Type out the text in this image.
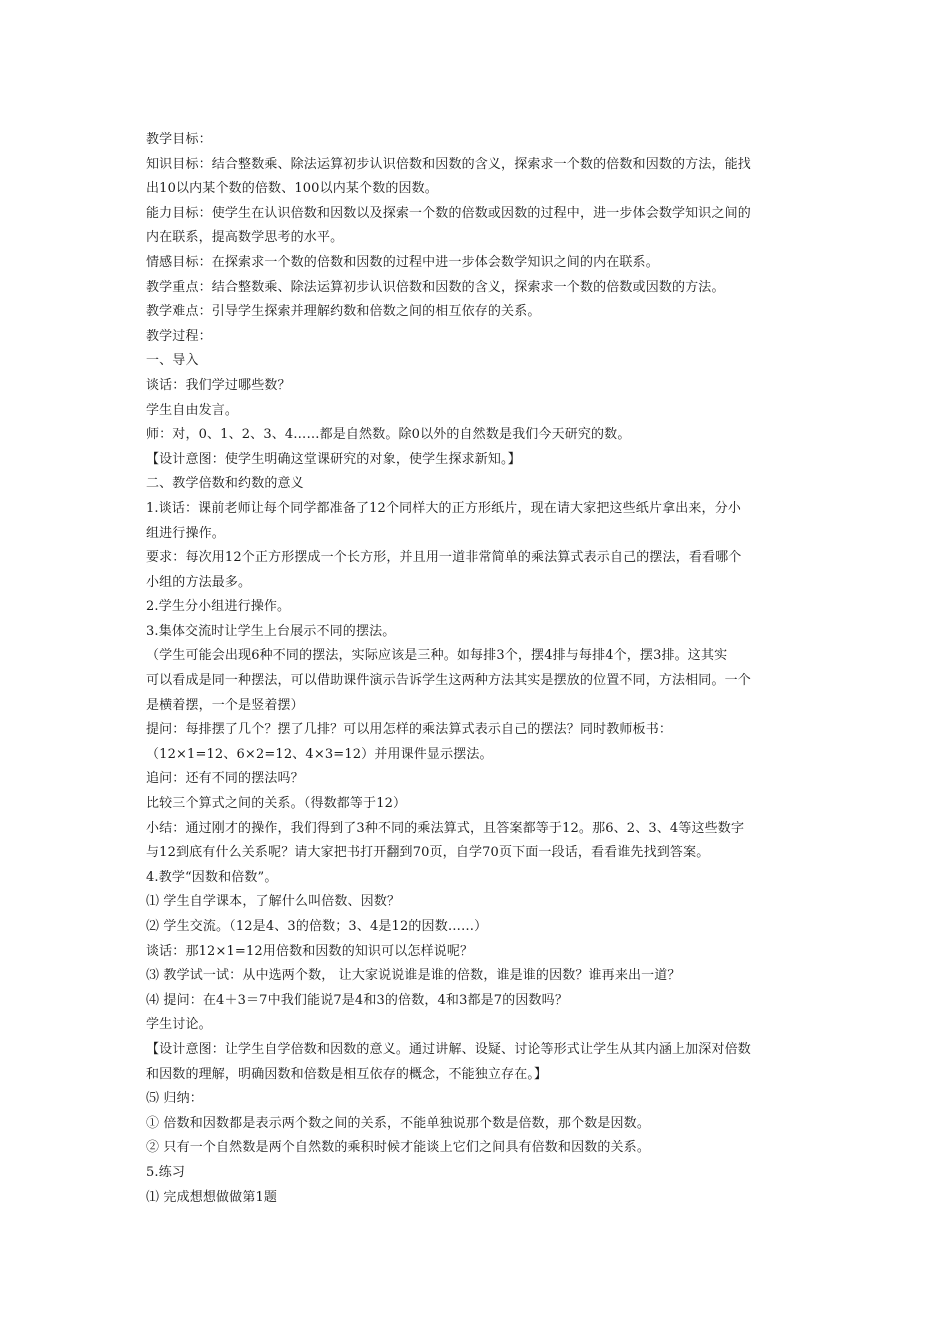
教学目标：
知识目标：结合整数乘、除法运算初步认识倍数和因数的含义，探索求一个数的倍数和因数的方法，能找
出10以内某个数的倍数、100以内某个数的因数。
能力目标：使学生在认识倍数和因数以及探索一个数的倍数或因数的过程中，进一步体会数学知识之间的
内在联系，提高数学思考的水平。
情感目标：在探索求一个数的倍数和因数的过程中进一步体会数学知识之间的内在联系。
教学重点：结合整数乘、除法运算初步认识倍数和因数的含义，探索求一个数的倍数或因数的方法。
教学难点：引导学生探索并理解约数和倍数之间的相互依存的关系。
教学过程：
一、导入
谈话：我们学过哪些数？
学生自由发言。
师：对，0、1、2、3、4……都是自然数。除0以外的自然数是我们今天研究的数。
【设计意图：使学生明确这堂课研究的对象，使学生探求新知。】
二、教学倍数和约数的意义
1.谈话：课前老师让每个同学都准备了12个同样大的正方形纸片，现在请大家把这些纸片拿出来，分小
组进行操作。
要求：每次用12个正方形摆成一个长方形，并且用一道非常简单的乘法算式表示自己的摆法，看看哪个
小组的方法最多。
2.学生分小组进行操作。
3.集体交流时让学生上台展示不同的摆法。
（学生可能会出现6种不同的摆法，实际应该是三种。如每排3个，摆4排与每排4个，摆3排。这其实
可以看成是同一种摆法，可以借助课件演示告诉学生这两种方法其实是摆放的位置不同，方法相同。一个
是横着摆，一个是竖着摆）
提问：每排摆了几个？摆了几排？可以用怎样的乘法算式表示自己的摆法？同时教师板书：
（12×1=12、6×2=12、4×3=12）并用课件显示摆法。
追问：还有不同的摆法吗？
比较三个算式之间的关系。（得数都等于12）
小结：通过刚才的操作，我们得到了3种不同的乘法算式，且答案都等于12。那6、2、3、4等这些数字
与12到底有什么关系呢？请大家把书打开翻到70页，自学70页下面一段话，看看谁先找到答案。
4.教学“因数和倍数”。
⑴ 学生自学课本，了解什么叫倍数、因数？
⑵ 学生交流。（12是4、3的倍数；3、4是12的因数……）
谈话：那12×1=12用倍数和因数的知识可以怎样说呢？
⑶ 教学试一试：从中选两个数， 让大家说说谁是谁的倍数，谁是谁的因数？谁再来出一道？
⑷ 提问：在4＋3＝7中我们能说7是4和3的倍数，4和3都是7的因数吗？
学生讨论。
【设计意图：让学生自学倍数和因数的意义。通过讲解、设疑、讨论等形式让学生从其内涵上加深对倍数
和因数的理解，明确因数和倍数是相互依存的概念，不能独立存在。】
⑸ 归纳：
① 倍数和因数都是表示两个数之间的关系，不能单独说那个数是倍数，那个数是因数。
② 只有一个自然数是两个自然数的乘积时候才能谈上它们之间具有倍数和因数的关系。
5.练习
⑴ 完成想想做做第1题
